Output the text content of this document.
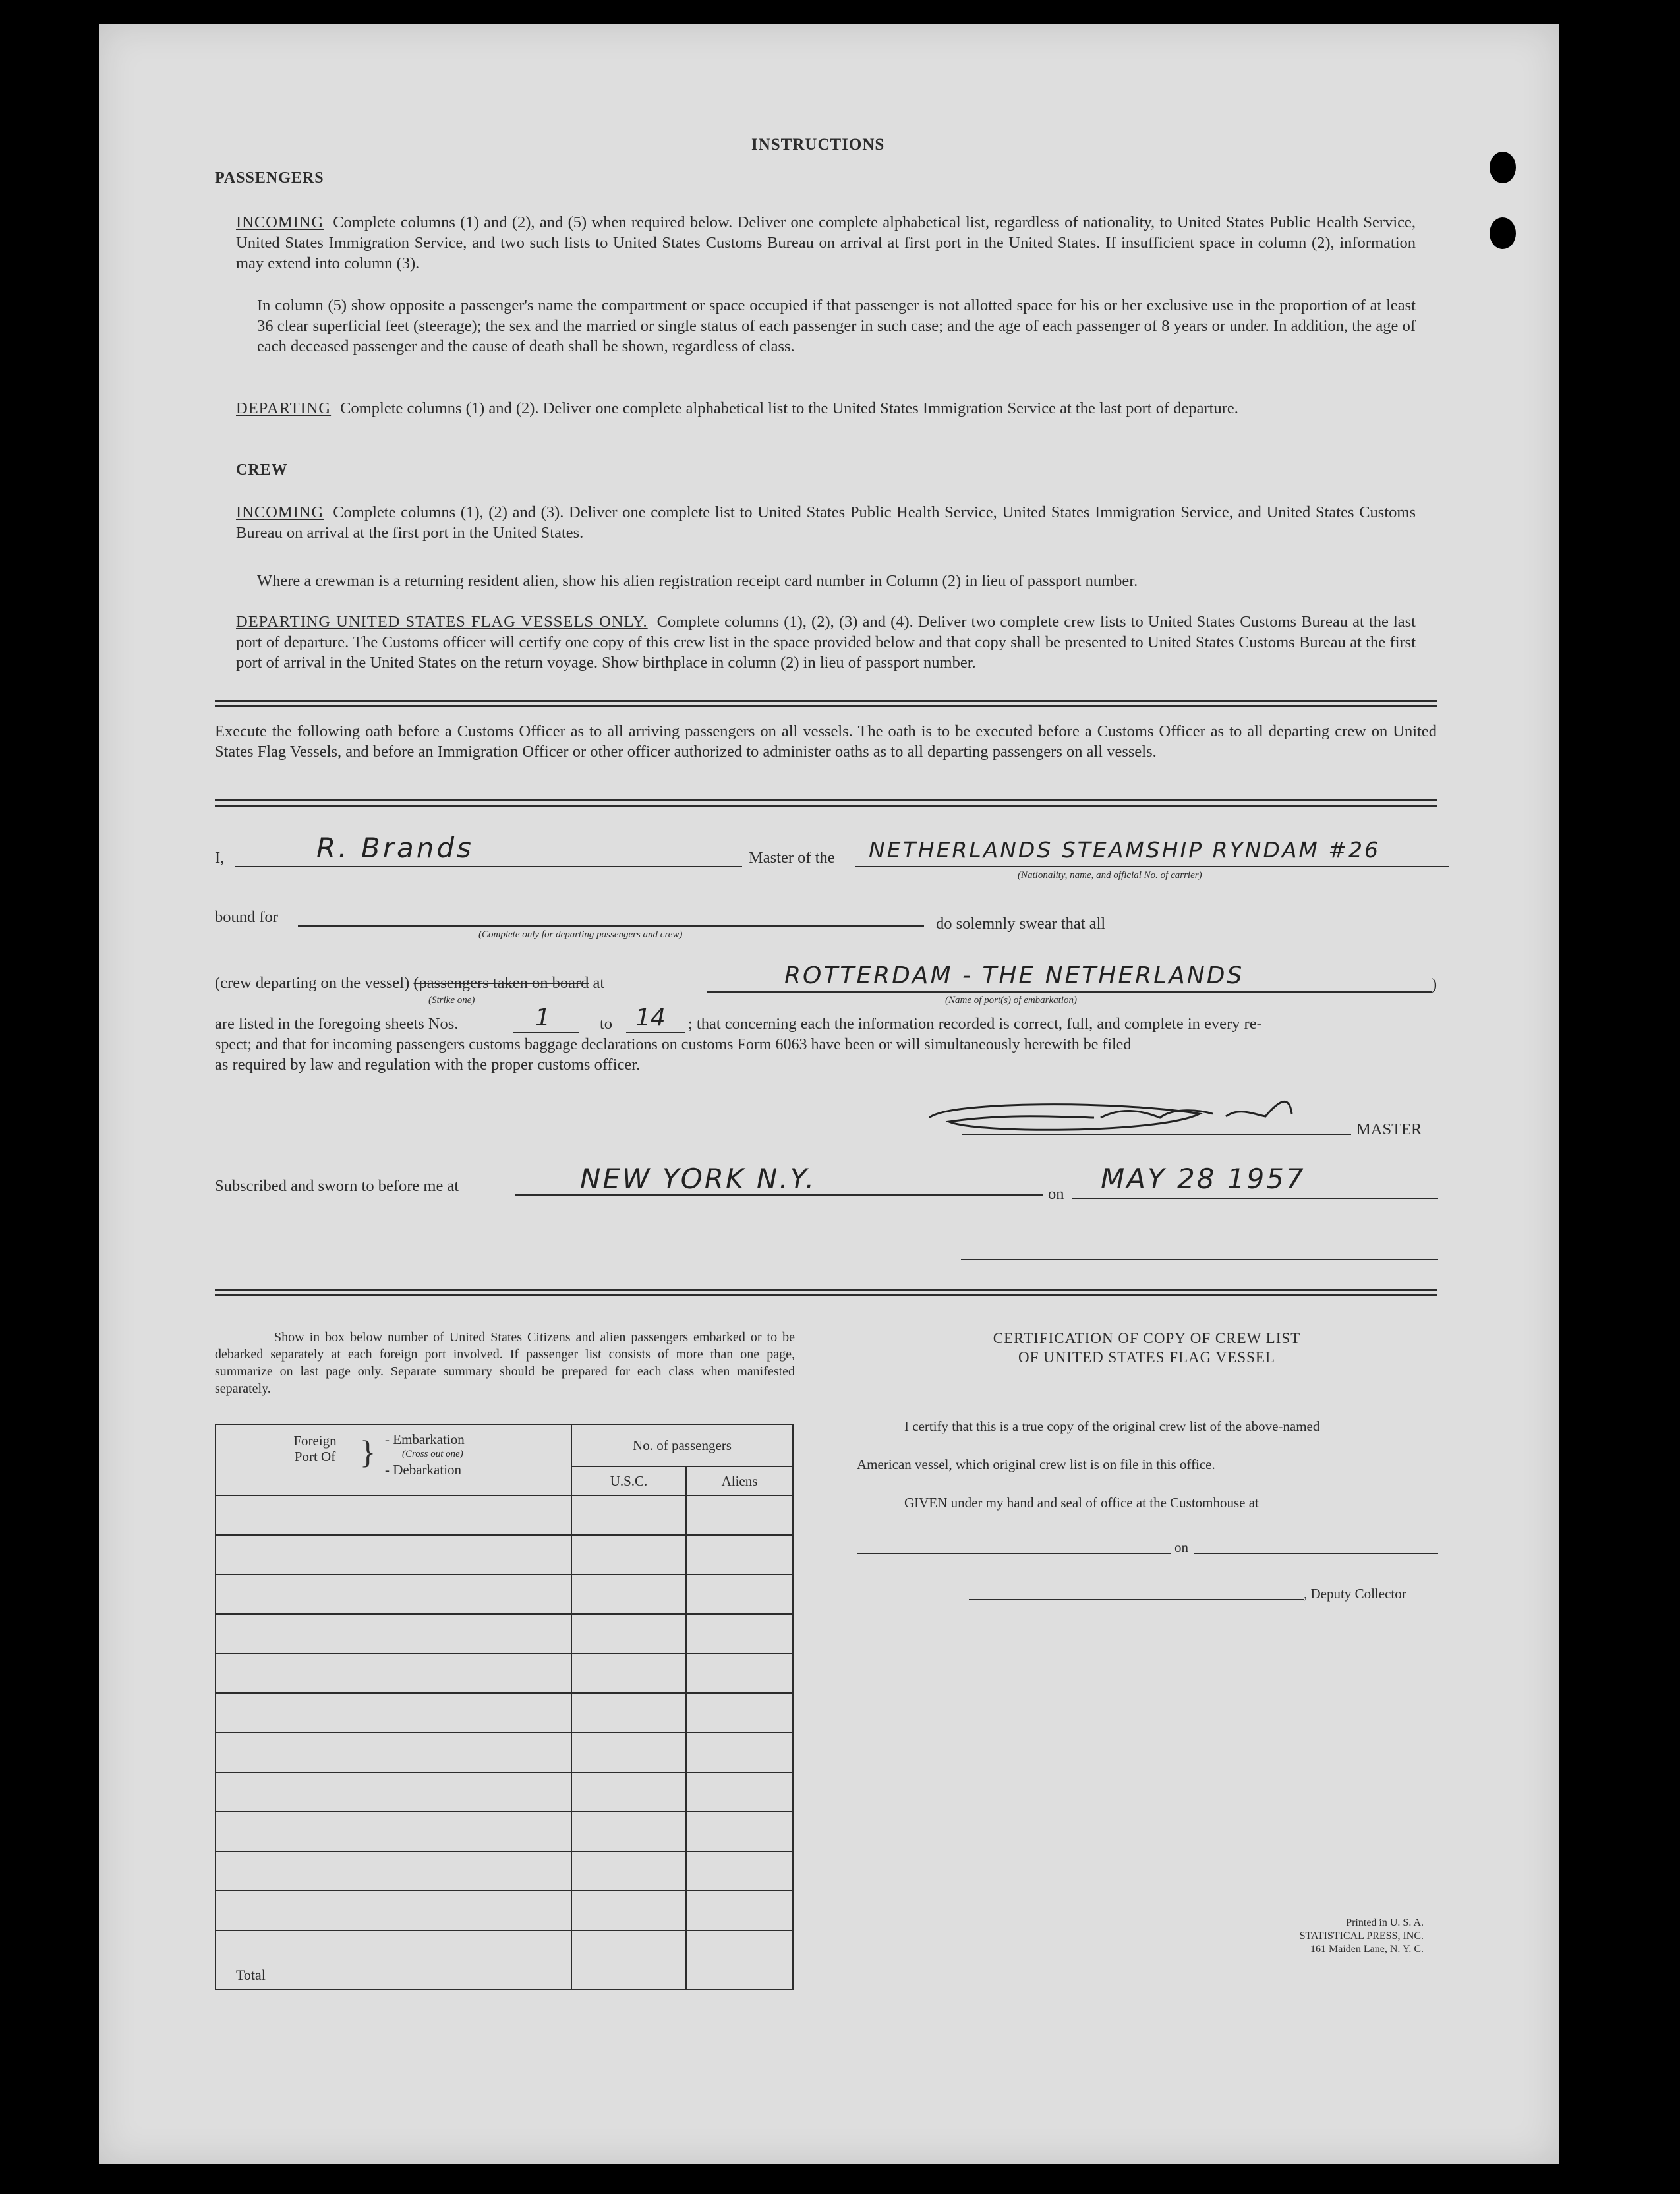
INSTRUCTIONS
PASSENGERS
INCOMING Complete columns (1) and (2), and (5) when required below. Deliver one complete alphabetical list, regardless of nationality, to United States Public Health Service, United States Immigration Service, and two such lists to United States Customs Bureau on arrival at first port in the United States. If insufficient space in column (2), information may extend into column (3).
In column (5) show opposite a passenger's name the compartment or space occupied if that passenger is not allotted space for his or her exclusive use in the proportion of at least 36 clear superficial feet (steerage); the sex and the married or single status of each passenger in such case; and the age of each passenger of 8 years or under. In addition, the age of each deceased passenger and the cause of death shall be shown, regardless of class.
DEPARTING Complete columns (1) and (2). Deliver one complete alphabetical list to the United States Immigration Service at the last port of departure.
CREW
INCOMING Complete columns (1), (2) and (3). Deliver one complete list to United States Public Health Service, United States Immigration Service, and United States Customs Bureau on arrival at the first port in the United States.
Where a crewman is a returning resident alien, show his alien registration receipt card number in Column (2) in lieu of passport number.
DEPARTING UNITED STATES FLAG VESSELS ONLY. Complete columns (1), (2), (3) and (4). Deliver two complete crew lists to United States Customs Bureau at the last port of departure. The Customs officer will certify one copy of this crew list in the space provided below and that copy shall be presented to United States Customs Bureau at the first port of arrival in the United States on the return voyage. Show birthplace in column (2) in lieu of passport number.
Execute the following oath before a Customs Officer as to all arriving passengers on all vessels. The oath is to be executed before a Customs Officer as to all departing crew on United States Flag Vessels, and before an Immigration Officer or other officer authorized to administer oaths as to all departing passengers on all vessels.
I,	R. Brands	Master of the NETHERLANDS STEAMSHIP RYNDAM #26
(Nationality, name, and official No. of carrier)
bound for
(Complete only for departing passengers and crew)
do solemnly swear that all
(crew departing on the vessel) (passengers taken on board at
(Strike one)
ROTTERDAM - THE NETHERLANDS
(Name of port(s) of embarkation)
)
are listed in the foregoing sheets Nos.	1	to 14 ; that concerning each the information recorded is correct, full, and complete in every re-
spect; and that for incoming passengers customs baggage declarations on customs Form 6063 have been or will simultaneously herewith be filed
as required by law and regulation with the proper customs officer.
MASTER
Subscribed and sworn to before me at	NEW YORK N.Y.	on MAY 28 1957
Show in box below number of United States Citizens and alien passengers embarked or to be debarked separately at each foreign port involved. If passenger list consists of more than one page, summarize on last page only. Separate summary should be prepared for each class when manifested separately.
Foreign Port Of } - Embarkation
(Cross out one)
- Debarkation	No. of passengers	
	U.S.C.	Aliens

Total		
CERTIFICATION OF COPY OF CREW LIST
OF UNITED STATES FLAG VESSEL
I certify that this is a true copy of the original crew list of the above-named
American vessel, which original crew list is on file in this office.
GIVEN under my hand and seal of office at the Customhouse at
on
, Deputy Collector
Printed in U. S. A.
STATISTICAL PRESS, INC.
161 Maiden Lane, N. Y. C.
